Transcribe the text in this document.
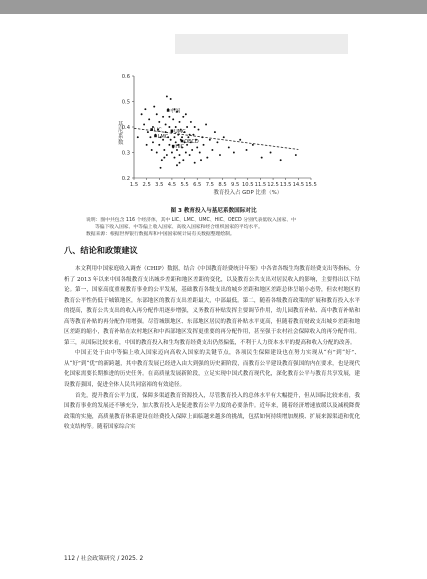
1.5 2.5 3.5 4.5 5.5 6.5 7.5 8.5 9.5 10.5 11.5 12.5 13.5 14.5 15.5
0.2
0.3
0.4
0.5
0.6
基尼系数
教育投入占 GDP 比重（%）
中国
LIC
LMC
UMC
HIC
OECD
图 3 教育投入与基尼系数国际对比
说明：图中共包含 116 个经济体，其中 LIC、LMC、UMC、HIC、OECD 分别代表低收入国家、中
等偏下收入国家、中等偏上收入国家、高收入国家和经合组织国家的平均水平。
数据来源：根据世界银行数据库和中国国家统计局有关数据整理绘制。
八、结论和政策建议

本文利用中国家庭收入调查（CHIP）数据，结合《中国教育经费统计年鉴》中各省各级生均教育经费支出等指标，分析了 2013 年以来中国各级教育支出城乡差距和地区差距的变化，以及教育公共支出对居民收入的影响，主要得出以下结论。第一，国家高度重视教育事业的公平发展，基础教育各级支出的城乡差距和地区差距总体呈缩小态势，但农村地区的教育公平性仍低于城镇地区，东部地区的教育支出差距最大，中部最低。第二，随着各级教育政策的扩展和教育投入水平的提高，教育公共支出的收入再分配作用逐步增强，义务教育补贴发挥主要调节作用，幼儿园教育补贴、高中教育补贴和高等教育补贴的再分配作用增强。尽管城镇地区、东部地区居民的教育补贴水平更高，但随着教育财政支出城乡差距和地区差距的缩小，教育补贴在农村地区和中西部地区发挥更重要的再分配作用，甚至强于农村社会保障收入的再分配作用。第三，从国际比较来看，中国的教育投入和生均教育经费支出仍然偏低，不利于人力资本水平的提高和收入分配的改善。

中国正处于由中等偏上收入国家迈向高收入国家的关键节点，各项民生保障建设也在努力实现从“有”到“好”、从“好”到“优”的新跨越，其中教育发展已经进入由大到强的历史新阶段，而教育公平建设教育强国的内在要求，也是现代化国家需要长期推进的历史任务。在高质量发展新阶段，立足实现中国式教育现代化，深化教育公平与教育共享发展，建设教育强国，促进全体人民共同富裕的有效途径。

首先，提升教育公平力度，保障多渠道教育资源投入，尽管教育投入的总体水平有大幅提升，但从国际比较来看，我国教育事业的发展还不够充分，加大教育投入是促进教育公平力度的必要条件。近年来，随着经济增速放缓以及减税降费政策的实施，高质量教育体系建设在经费投入保障上面临越来越多的挑战，包括如何持续增加规模、扩展来源渠道和优化收支结构等。随着国家综合实

112 / 社会政策研究 / 2025. 2
